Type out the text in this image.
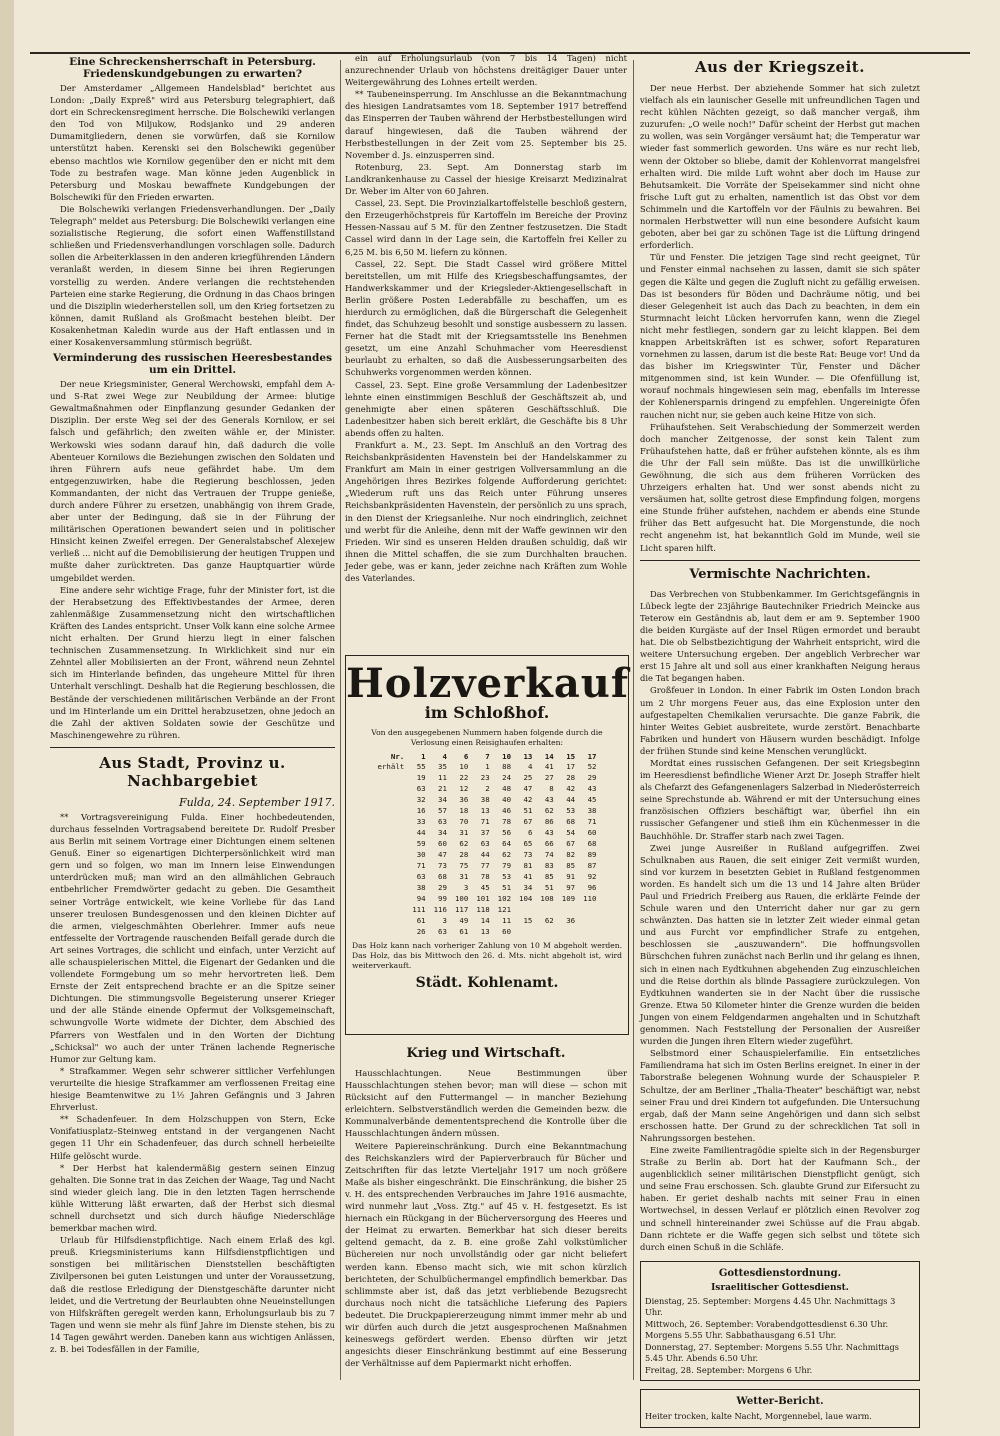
Eine Schreckensherrschaft in Petersburg. Friedenskundgebungen zu erwarten?

Der Amsterdamer „Allgemeen Handelsblad" berichtet aus London: „Daily Expreß" wird aus Petersburg telegraphiert, daß dort ein Schreckensregiment herrsche. Die Bolschewiki verlangen den Tod von Miljukow, Rodsjanko und 29 anderen Dumamitgliedern, denen sie vorwürfen, daß sie Kornilow unterstützt haben. Kerenski sei den Bolschewiki gegenüber ebenso machtlos wie Kornilow gegenüber den er nicht mit dem Tode zu bestrafen wage. Man könne jeden Augenblick in Petersburg und Moskau bewaffnete Kundgebungen der Bolschewiki für den Frieden erwarten.

Die Bolschewiki verlangen Friedensverhandlungen. Der „Daily Telegraph" meldet aus Petersburg: Die Bolschewiki verlangen eine sozialistische Regierung, die sofort einen Waffenstillstand schließen und Friedensverhandlungen vorschlagen solle. Dadurch sollen die Arbeiterklassen in den anderen kriegführenden Ländern veranlaßt werden, in diesem Sinne bei ihren Regierungen vorstellig zu werden. Andere verlangen die rechtstehenden Parteien eine starke Regierung, die Ordnung in das Chaos bringen und die Disziplin wiederherstellen soll, um den Krieg fortsetzen zu können, damit Rußland als Großmacht bestehen bleibt. Der Kosakenhetman Kaledin wurde aus der Haft entlassen und in einer Kosakenversammlung stürmisch begrüßt.

Verminderung des russischen Heeresbestandes um ein Drittel.

Der neue Kriegsminister, General Werchowski, empfahl dem A- und S-Rat zwei Wege zur Neubildung der Armee: blutige Gewaltmaßnahmen oder Einpflanzung gesunder Gedanken der Disziplin. Der erste Weg sei der des Generals Kornilow, er sei falsch und gefährlich; den zweiten wähle er, der Minister. Werkowski wies sodann darauf hin, daß dadurch die volle Abenteuer Kornilows die Beziehungen zwischen den Soldaten und ihren Führern aufs neue gefährdet habe. Um dem entgegenzuwirken, habe die Regierung beschlossen, jeden Kommandanten, der nicht das Vertrauen der Truppe genieße, durch andere Führer zu ersetzen, unabhängig von ihrem Grade, aber unter der Bedingung, daß sie in der Führung der militärischen Operationen bewandert seien und in politischer Hinsicht keinen Zweifel erregen. Der Generalstabschef Alexejew verließ ... nicht auf die Demobilisierung der heutigen Truppen und mußte daher zurücktreten. Das ganze Hauptquartier würde umgebildet werden.

Eine andere sehr wichtige Frage, fuhr der Minister fort, ist die der Herabsetzung des Effektivbestandes der Armee, deren zahlenmäßige Zusammensetzung nicht den wirtschaftlichen Kräften des Landes entspricht. Unser Volk kann eine solche Armee nicht erhalten. Der Grund hierzu liegt in einer falschen technischen Zusammensetzung. In Wirklichkeit sind nur ein Zehntel aller Mobilisierten an der Front, während neun Zehntel sich im Hinterlande befinden, das ungeheure Mittel für ihren Unterhalt verschlingt. Deshalb hat die Regierung beschlossen, die Bestände der verschiedenen militärischen Verbände an der Front und im Hinterlande um ein Drittel herabzusetzen, ohne jedoch an die Zahl der aktiven Soldaten sowie der Geschütze und Maschinengewehre zu rühren.

Aus Stadt, Provinz u. Nachbargebiet
Fulda, 24. September 1917.

** Vortragsvereinigung Fulda. Einer hochbedeutenden, durchaus fesselnden Vortragsabend bereitete Dr. Rudolf Presber aus Berlin mit seinem Vortrage einer Dichtungen einem seltenen Genuß. Einer so eigenartigen Dichterpersönlichkeit wird man gern und so folgen, wo man im Innern leise Einwendungen unterdrücken muß; man wird an den allmählichen Gebrauch entbehrlicher Fremdwörter gedacht zu geben. Die Gesamtheit seiner Vorträge entwickelt, wie keine Vorliebe für das Land unserer treulosen Bundesgenossen und den kleinen Dichter auf die armen, vielgeschmähten Oberlehrer. Immer aufs neue entfesselte der Vortragende rauschenden Beifall gerade durch die Art seines Vortrages, die schlicht und einfach, unter Verzicht auf alle schauspielerischen Mittel, die Eigenart der Gedanken und die vollendete Formgebung um so mehr hervortreten ließ. Dem Ernste der Zeit entsprechend brachte er an die Spitze seiner Dichtungen. Die stimmungsvolle Begeisterung unserer Krieger und der alle Stände einende Opfermut der Volksgemeinschaft, schwungvolle Worte widmete der Dichter, dem Abschied des Pfarrers von Westfalen und in den Worten der Dichtung „Schicksal" wo auch der unter Tränen lachende Regnerische Humor zur Geltung kam.

* Strafkammer. Wegen sehr schwerer sittlicher Verfehlungen verurteilte die hiesige Strafkammer am verflossenen Freitag eine hiesige Beamtenwitwe zu 1½ Jahren Gefängnis und 3 Jahren Ehrverlust.

** Schadenfeuer. In dem Holzschuppen von Stern, Ecke Vonifatiusplatz–Steinweg entstand in der vergangenen Nacht gegen 11 Uhr ein Schadenfeuer, das durch schnell herbeieilte Hilfe gelöscht wurde.

* Der Herbst hat kalendermäßig gestern seinen Einzug gehalten. Die Sonne trat in das Zeichen der Waage, Tag und Nacht sind wieder gleich lang. Die in den letzten Tagen herrschende kühle Witterung läßt erwarten, daß der Herbst sich diesmal schnell durchsetzt und sich durch häufige Niederschläge bemerkbar machen wird.

Urlaub für Hilfsdienstpflichtige. Nach einem Erlaß des kgl. preuß. Kriegsministeriums kann Hilfsdienstpflichtigen und sonstigen bei militärischen Dienststellen beschäftigten Zivilpersonen bei guten Leistungen und unter der Voraussetzung, daß die restlose Erledigung der Dienstgeschäfte darunter nicht leidet, und die Vertretung der Beurlaubten ohne Neueinstellungen von Hilfskräften geregelt werden kann, Erholungsurlaub bis zu 7 Tagen und wenn sie mehr als fünf Jahre im Dienste stehen, bis zu 14 Tagen gewährt werden. Daneben kann aus wichtigen Anlässen, z. B. bei Todesfällen in der Familie,

ein auf Erholungsurlaub (von 7 bis 14 Tagen) nicht anzurechnender Urlaub von höchstens dreitägiger Dauer unter Weitergewährung des Lohnes erteilt werden.

** Taubeneinsperrung. Im Anschlusse an die Bekanntmachung des hiesigen Landratsamtes vom 18. September 1917 betreffend das Einsperren der Tauben während der Herbstbestellungen wird darauf hingewiesen, daß die Tauben während der Herbstbestellungen in der Zeit vom 25. September bis 25. November d. Js. einzusperren sind.

Rotenburg, 23. Sept. Am Donnerstag starb im Landkrankenhause zu Cassel der hiesige Kreisarzt Medizinalrat Dr. Weber im Alter von 60 Jahren.

Cassel, 23. Sept. Die Provinzialkartoffelstelle beschloß gestern, den Erzeugerhöchstpreis für Kartoffeln im Bereiche der Provinz Hessen-Nassau auf 5 M. für den Zentner festzusetzen. Die Stadt Cassel wird dann in der Lage sein, die Kartoffeln frei Keller zu 6,25 M. bis 6,50 M. liefern zu können.

Cassel, 22. Sept. Die Stadt Cassel wird größere Mittel bereitstellen, um mit Hilfe des Kriegsbeschaffungsamtes, der Handwerkskammer und der Kriegsleder-Aktiengesellschaft in Berlin größere Posten Lederabfälle zu beschaffen, um es hierdurch zu ermöglichen, daß die Bürgerschaft die Gelegenheit findet, das Schuhzeug besohlt und sonstige ausbessern zu lassen. Ferner hat die Stadt mit der Kriegsamtsstelle ins Benehmen gesetzt, um eine Anzahl Schuhmacher vom Heeresdienst beurlaubt zu erhalten, so daß die Ausbesserungsarbeiten des Schuhwerks vorgenommen werden können.

Cassel, 23. Sept. Eine große Versammlung der Ladenbesitzer lehnte einen einstimmigen Beschluß der Geschäftszeit ab, und genehmigte aber einen späteren Geschäftsschluß. Die Ladenbesitzer haben sich bereit erklärt, die Geschäfte bis 8 Uhr abends offen zu halten.

Frankfurt a. M., 23. Sept. Im Anschluß an den Vortrag des Reichsbankpräsidenten Havenstein bei der Handelskammer zu Frankfurt am Main in einer gestrigen Vollversammlung an die Angehörigen ihres Bezirkes folgende Aufforderung gerichtet: „Wiederum ruft uns das Reich unter Führung unseres Reichsbankpräsidenten Havenstein, der persönlich zu uns sprach, in den Dienst der Kriegsanleihe. Nur noch eindringlich, zeichnet und werbt für die Anleihe, denn mit der Waffe gewinnen wir den Frieden. Wir sind es unseren Helden draußen schuldig, daß wir ihnen die Mittel schaffen, die sie zum Durchhalten brauchen. Jeder gebe, was er kann, jeder zeichne nach Kräften zum Wohle des Vaterlandes.

Holzverkauf
im Schloßhof.
Von den ausgegebenen Nummern haben folgende durch die Verlosung einen Reisighaufen erhalten:
Nr.	1	4	6	7	10	13	14	15	17
erhält	55	35	10	1	88	4	41	17	52
	19	11	22	23	24	25	27	28	29
	63	21	12	2	48	47	8	42	43
	32	34	36	38	40	42	43	44	45
	16	57	18	13	46	51	62	53	38
	33	63	70	71	78	67	86	68	71
	44	34	31	37	56	6	43	54	60
	59	60	62	63	64	65	66	67	68
	30	47	28	44	62	73	74	82	89
	71	73	75	77	79	81	83	85	87
	63	68	31	78	53	41	85	91	92
	38	29	3	45	51	34	51	97	96
	94	99	100	101	102	104	108	109	110
	111	116	117	118	121				
	61	3	49	14	11	15	62	36	
	26	63	61	13	60				
Das Holz kann nach vorheriger Zahlung von 10 M abgeholt werden. Das Holz, das bis Mittwoch den 26. d. Mts. nicht abgeholt ist, wird weiterverkauft.
Städt. Kohlenamt.
Krieg und Wirtschaft.

Hausschlachtungen. Neue Bestimmungen über Hausschlachtungen stehen bevor; man will diese — schon mit Rücksicht auf den Futtermangel — in mancher Beziehung erleichtern. Selbstverständlich werden die Gemeinden bezw. die Kommunalverbände demententsprechend die Kontrolle über die Hausschlachtungen ändern müssen.

Weitere Papiereinschränkung. Durch eine Bekanntmachung des Reichskanzlers wird der Papierverbrauch für Bücher und Zeitschriften für das letzte Vierteljahr 1917 um noch größere Maße als bisher eingeschränkt. Die Einschränkung, die bisher 25 v. H. des entsprechenden Verbrauches im Jahre 1916 ausmachte, wird nunmehr laut „Voss. Ztg." auf 45 v. H. festgesetzt. Es ist hiernach ein Rückgang in der Bücherversorgung des Heeres und der Heimat zu erwarten. Bemerkbar hat sich dieser bereits geltend gemacht, da z. B. eine große Zahl volkstümlicher Büchereien nur noch unvollständig oder gar nicht beliefert werden kann. Ebenso macht sich, wie mit schon kürzlich berichteten, der Schulbüchermangel empfindlich bemerkbar. Das schlimmste aber ist, daß das jetzt verbliebende Bezugsrecht durchaus noch nicht die tatsächliche Lieferung des Papiers bedeutet. Die Druckpapiererzeugung nimmt immer mehr ab und wir dürfen auch durch die jetzt ausgesprochenen Maßnahmen keineswegs gefördert werden. Ebenso dürften wir jetzt angesichts dieser Einschränkung bestimmt auf eine Besserung der Verhältnisse auf dem Papiermarkt nicht erhoffen.

Aus der Kriegszeit.

Der neue Herbst. Der abziehende Sommer hat sich zuletzt vielfach als ein launischer Geselle mit unfreundlichen Tagen und recht kühlen Nächten gezeigt, so daß mancher vergaß, ihm zuzurufen: „O weile noch!" Dafür scheint der Herbst gut machen zu wollen, was sein Vorgänger versäumt hat; die Temperatur war wieder fast sommerlich geworden. Uns wäre es nur recht lieb, wenn der Oktober so bliebe, damit der Kohlenvorrat mangelsfrei erhalten wird. Die milde Luft wohnt aber doch im Hause zur Behutsamkeit. Die Vorräte der Speisekammer sind nicht ohne frische Luft gut zu erhalten, namentlich ist das Obst vor dem Schimmeln und die Kartoffeln vor der Fäulnis zu bewahren. Bei normalen Herbstwetter will nun eine besondere Aufsicht kaum geboten, aber bei gar zu schönen Tage ist die Lüftung dringend erforderlich.

Tür und Fenster. Die jetzigen Tage sind recht geeignet, Tür und Fenster einmal nachsehen zu lassen, damit sie sich später gegen die Kälte und gegen die Zugluft nicht zu gefällig erweisen. Das ist besonders für Böden und Dachräume nötig, und bei dieser Gelegenheit ist auch das Dach zu beachten, in dem ein Sturmnacht leicht Lücken hervorrufen kann, wenn die Ziegel nicht mehr festliegen, sondern gar zu leicht klappen. Bei dem knappen Arbeitskräften ist es schwer, sofort Reparaturen vornehmen zu lassen, darum ist die beste Rat: Beuge vor! Und da das bisher im Kriegswinter Tür, Fenster und Dächer mitgenommen sind, ist kein Wunder. — Die Ofenfüllung ist, worauf nochmals hingewiesen sein mag, ebenfalls im Interesse der Kohlenersparnis dringend zu empfehlen. Ungereinigte Öfen rauchen nicht nur, sie geben auch keine Hitze von sich.

Frühaufstehen. Seit Verabschiedung der Sommerzeit werden doch mancher Zeitgenosse, der sonst kein Talent zum Frühaufstehen hatte, daß er früher aufstehen könnte, als es ihm die Uhr der Fall sein müßte. Das ist die unwillkürliche Gewöhnung, die sich aus dem früheren Vorrücken des Uhrzeigers erhalten hat. Und wer sonst abends nicht zu versäumen hat, sollte getrost diese Empfindung folgen, morgens eine Stunde früher aufstehen, nachdem er abends eine Stunde früher das Bett aufgesucht hat. Die Morgenstunde, die noch recht angenehm ist, hat bekanntlich Gold im Munde, weil sie Licht sparen hilft.

Vermischte Nachrichten.

Das Verbrechen von Stubbenkammer. Im Gerichtsgefängnis in Lübeck legte der 23jährige Bautechniker Friedrich Meincke aus Teterow ein Geständnis ab, laut dem er am 9. September 1900 die beiden Kurgäste auf der Insel Rügen ermordet und beraubt hat. Die ob Selbstbezichtigung der Wahrheit entspricht, wird die weitere Untersuchung ergeben. Der angeblich Verbrecher war erst 15 Jahre alt und soll aus einer krankhaften Neigung heraus die Tat begangen haben.

Großfeuer in London. In einer Fabrik im Osten London brach um 2 Uhr morgens Feuer aus, das eine Explosion unter den aufgestapelten Chemikalien verursachte. Die ganze Fabrik, die hinter Weites Gebiet ausbreitete, wurde zerstört. Benachbarte Fabriken und hundert von Häusern wurden beschädigt. Infolge der frühen Stunde sind keine Menschen verunglückt.

Mordtat eines russischen Gefangenen. Der seit Kriegsbeginn im Heeresdienst befindliche Wiener Arzt Dr. Joseph Straffer hielt als Chefarzt des Gefangenenlagers Salzerbad in Niederösterreich seine Sprechstunde ab. Während er mit der Untersuchung eines französischen Offiziers beschäftigt war, überfiel ihn ein russischer Gefangener und stieß ihm ein Küchenmesser in die Bauchhöhle. Dr. Straffer starb nach zwei Tagen.

Zwei junge Ausreißer in Rußland aufgegriffen. Zwei Schulknaben aus Rauen, die seit einiger Zeit vermißt wurden, sind vor kurzem in besetzten Gebiet in Rußland festgenommen worden. Es handelt sich um die 13 und 14 Jahre alten Brüder Paul und Friedrich Freiberg aus Rauen, die erklärte Feinde der Schule waren und den Unterricht daher nur gar zu gern schwänzten. Das hatten sie in letzter Zeit wieder einmal getan und aus Furcht vor empfindlicher Strafe zu entgehen, beschlossen sie „auszuwandern". Die hoffnungsvollen Bürschchen fuhren zunächst nach Berlin und ihr gelang es ihnen, sich in einen nach Eydtkuhnen abgehenden Zug einzuschleichen und die Reise dorthin als blinde Passagiere zurückzulegen. Von Eydtkuhnen wanderten sie in der Nacht über die russische Grenze. Etwa 50 Kilometer hinter die Grenze wurden die beiden Jungen von einem Feldgendarmen angehalten und in Schutzhaft genommen. Nach Feststellung der Personalien der Ausreißer wurden die Jungen ihren Eltern wieder zugeführt.

Selbstmord einer Schauspielerfamilie. Ein entsetzliches Familiendrama hat sich im Osten Berlins ereignet. In einer in der Taborstraße belegenen Wohnung wurde der Schauspieler P. Schultze, der am Berliner „Thalia-Theater" beschäftigt war, nebst seiner Frau und drei Kindern tot aufgefunden. Die Untersuchung ergab, daß der Mann seine Angehörigen und dann sich selbst erschossen hatte. Der Grund zu der schrecklichen Tat soll in Nahrungssorgen bestehen.

Eine zweite Familientragödie spielte sich in der Regensburger Straße zu Berlin ab. Dort hat der Kaufmann Sch., der augenblicklich seiner militärischen Dienstpflicht genügt, sich und seine Frau erschossen. Sch. glaubte Grund zur Eifersucht zu haben. Er geriet deshalb nachts mit seiner Frau in einen Wortwechsel, in dessen Verlauf er plötzlich einen Revolver zog und schnell hintereinander zwei Schüsse auf die Frau abgab. Dann richtete er die Waffe gegen sich selbst und tötete sich durch einen Schuß in die Schläfe.

Gottesdienstordnung.
Israelitischer Gottesdienst.

Dienstag, 25. September: Morgens 4.45 Uhr. Nachmittags 3 Uhr.

Mittwoch, 26. September: Vorabendgottesdienst 6.30 Uhr. Morgens 5.55 Uhr. Sabbathausgang 6.51 Uhr.

Donnerstag, 27. September: Morgens 5.55 Uhr. Nachmittags 5.45 Uhr. Abends 6.50 Uhr.

Freitag, 28. September: Morgens 6 Uhr.

Wetter-Bericht.

Heiter trocken, kalte Nacht, Morgennebel, laue warm.
